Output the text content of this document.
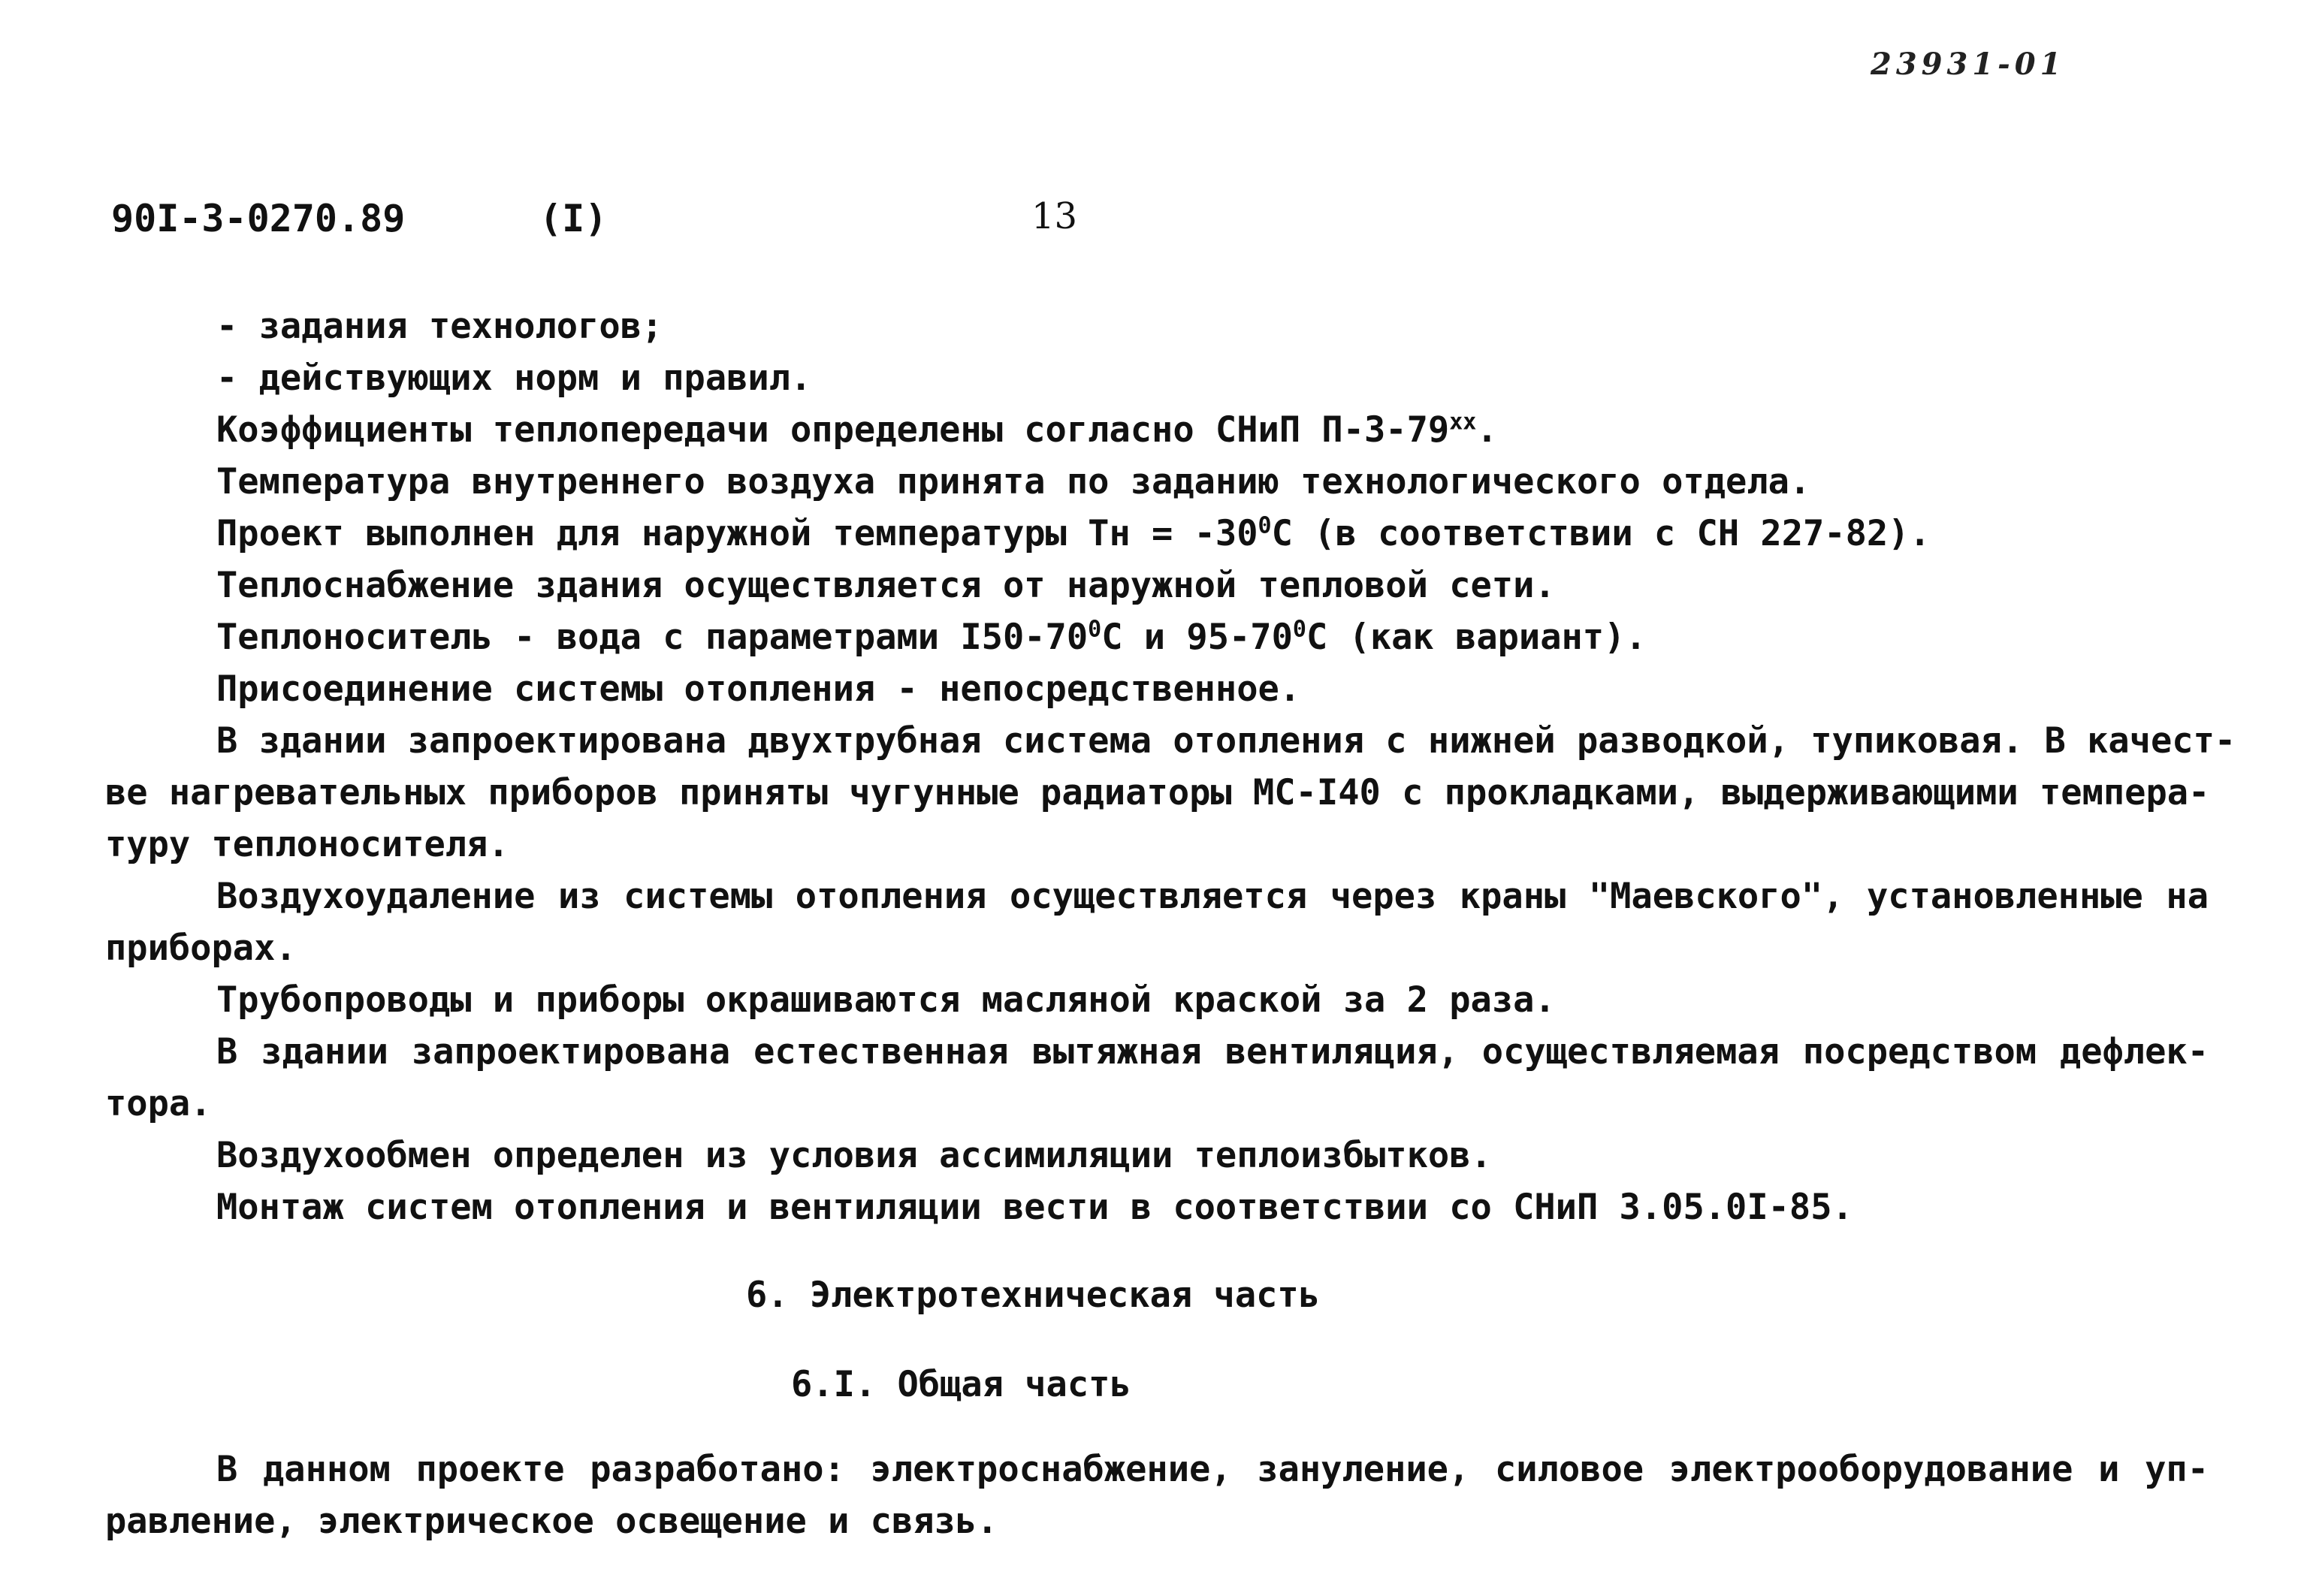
23931-01
90I-3-0270.89	(I)	13
- задания технологов;
- действующих норм и правил.
Коэффициенты теплопередачи определены согласно СНиП П-3-79$^{xx}$.
Температура внутреннего воздуха принята по заданию технологического отдела.
Проект выполнен для наружной температуры Тн = $-30^0С$ (в соответствии с СН 227-82).
Теплоснабжение здания осуществляется от наружной тепловой сети.
Теплоноситель - вода с параметрами $I50-70^0С$ и $95-70^0С$ (как вариант).
Присоединение системы отопления - непосредственное.
В здании запроектирована двухтрубная система отопления с нижней разводкой, тупиковая. В качест-
ве нагревательных приборов приняты чугунные радиаторы МС-I40 с прокладками, выдерживающими темпера-
туру теплоносителя.
Воздухоудаление из системы отопления осуществляется через краны "Маевского", установленные на
приборах.
Трубопроводы и приборы окрашиваются масляной краской за 2 раза.
В здании запроектирована естественная вытяжная вентиляция, осуществляемая посредством дефлек-
тора.
Воздухообмен определен из условия ассимиляции теплоизбытков.
Монтаж систем отопления и вентиляции вести в соответствии со СНиП 3.05.0I-85.
6. Электротехническая часть
6.I. Общая часть
В данном проекте разработано: электроснабжение, зануление, силовое электрооборудование и уп-
равление, электрическое освещение и связь.
